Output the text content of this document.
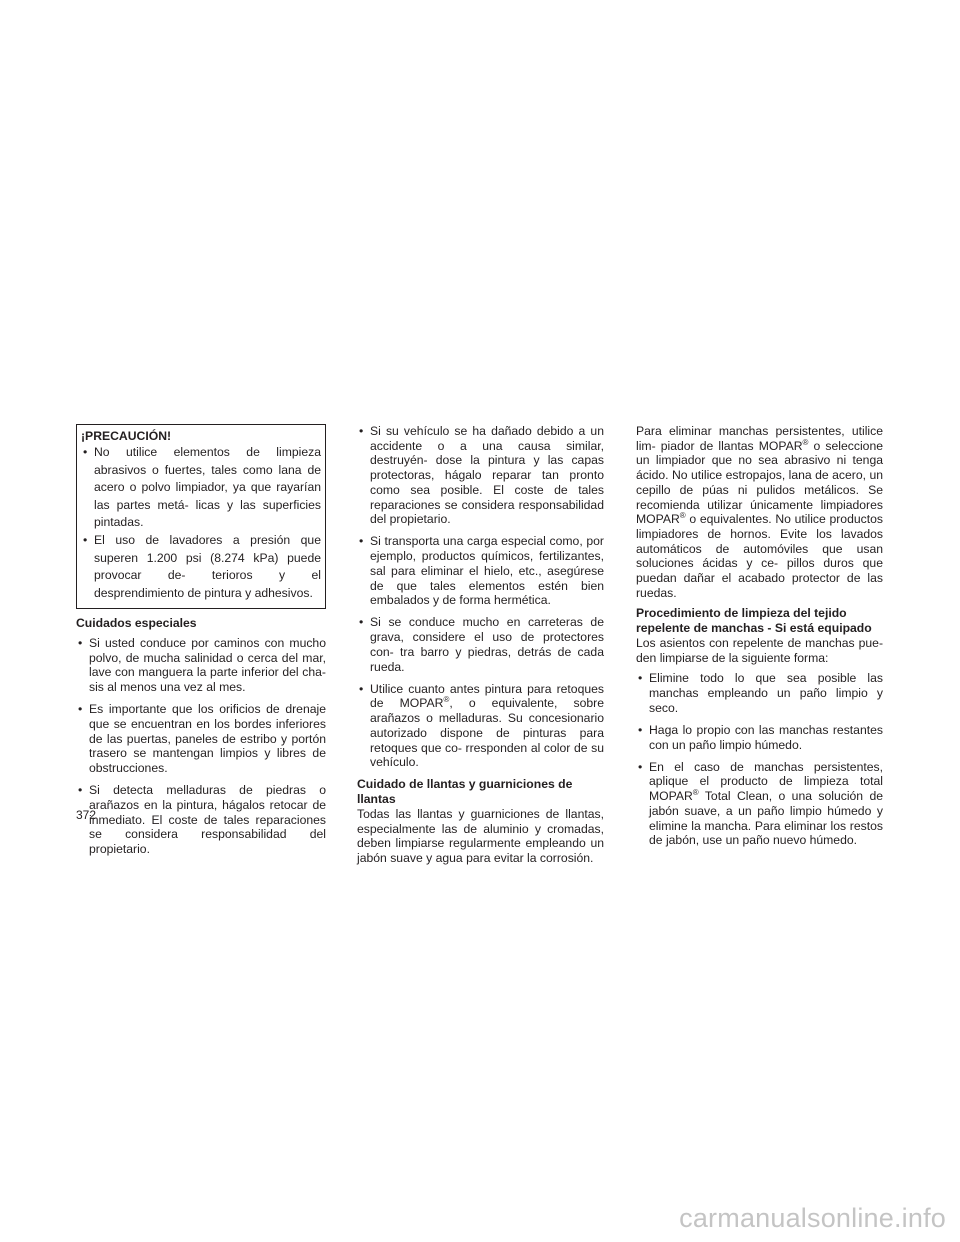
¡PRECAUCIÓN!
• No utilice elementos de limpieza abrasivos o fuertes, tales como lana de acero o polvo limpiador, ya que rayarían las partes metá- licas y las superficies pintadas.
• El uso de lavadores a presión que superen 1.200 psi (8.274 kPa) puede provocar de- terioros y el desprendimiento de pintura y adhesivos.
Cuidados especiales
• Si usted conduce por caminos con mucho polvo, de mucha salinidad o cerca del mar, lave con manguera la parte inferior del cha- sis al menos una vez al mes.
• Es importante que los orificios de drenaje que se encuentran en los bordes inferiores de las puertas, paneles de estribo y portón trasero se mantengan limpios y libres de obstrucciones.
• Si detecta melladuras de piedras o arañazos en la pintura, hágalos retocar de inmediato. El coste de tales reparaciones se considera responsabilidad del propietario.
• Si su vehículo se ha dañado debido a un accidente o a una causa similar, destruyén- dose la pintura y las capas protectoras, hágalo reparar tan pronto como sea posible. El coste de tales reparaciones se considera responsabilidad del propietario.
• Si transporta una carga especial como, por ejemplo, productos químicos, fertilizantes, sal para eliminar el hielo, etc., asegúrese de que tales elementos estén bien embalados y de forma hermética.
• Si se conduce mucho en carreteras de grava, considere el uso de protectores con- tra barro y piedras, detrás de cada rueda.
• Utilice cuanto antes pintura para retoques de MOPAR®, o equivalente, sobre arañazos o melladuras. Su concesionario autorizado dispone de pinturas para retoques que co- rresponden al color de su vehículo.
Cuidado de llantas y guarniciones de
llantas

Todas las llantas y guarniciones de llantas, especialmente las de aluminio y cromadas, deben limpiarse regularmente empleando un jabón suave y agua para evitar la corrosión.

Para eliminar manchas persistentes, utilice lim- piador de llantas MOPAR® o seleccione un limpiador que no sea abrasivo ni tenga ácido. No utilice estropajos, lana de acero, un cepillo de púas ni pulidos metálicos. Se recomienda utilizar únicamente limpiadores MOPAR® o equivalentes. No utilice productos limpiadores de hornos. Evite los lavados automáticos de automóviles que usan soluciones ácidas y ce- pillos duros que puedan dañar el acabado protector de las ruedas.

Procedimiento de limpieza del tejido
repelente de manchas - Si está equipado

Los asientos con repelente de manchas pue- den limpiarse de la siguiente forma:

• Elimine todo lo que sea posible las manchas empleando un paño limpio y seco.
• Haga lo propio con las manchas restantes con un paño limpio húmedo.
• En el caso de manchas persistentes, aplique el producto de limpieza total MOPAR® Total Clean, o una solución de jabón suave, a un paño limpio húmedo y elimine la mancha. Para eliminar los restos de jabón, use un paño nuevo húmedo.
372
carmanualsonline.info
